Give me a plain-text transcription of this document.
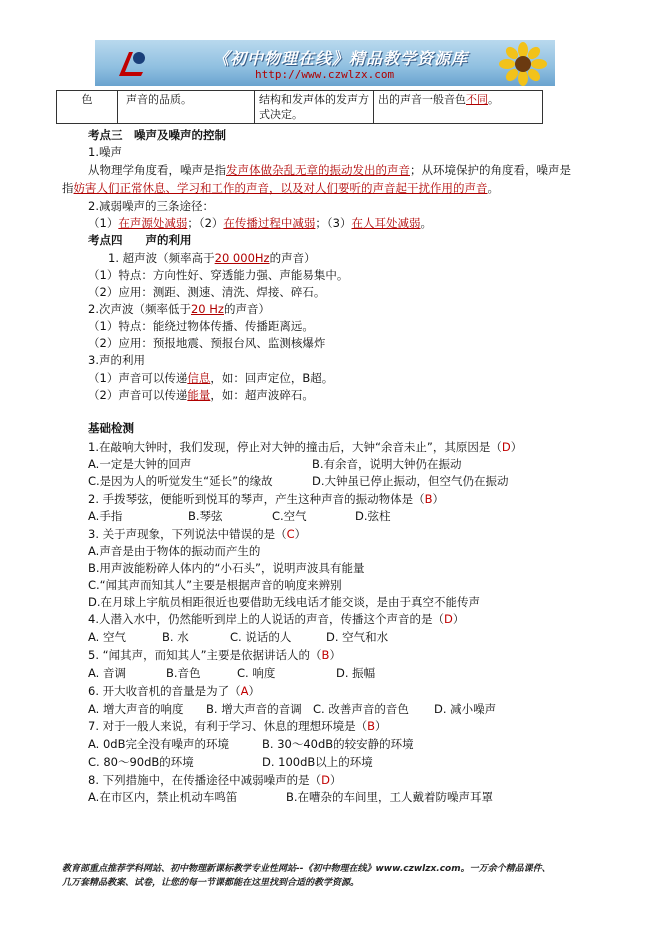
《初中物理在线》精品教学资源库
http://www.czwlzx.com
色	声音的品质。	结构和发声体的发声方式决定。	出的声音一般音色不同。
考点三　噪声及噪声的控制
1.噪声
从物理学角度看，噪声是指发声体做杂乱无章的振动发出的声音；从环境保护的角度看，噪声是
指妨害人们正常休息、学习和工作的声音，以及对人们要听的声音起干扰作用的声音。
2.减弱噪声的三条途径：
（1）在声源处减弱；（2）在传播过程中减弱；（3）在人耳处减弱。
考点四　　声的利用
1. 超声波（频率高于20 000Hz的声音）
（1）特点：方向性好、穿透能力强、声能易集中。
（2）应用：测距、测速、清洗、焊接、碎石。
2.次声波（频率低于20 Hz的声音）
（1）特点：能绕过物体传播、传播距离远。
（2）应用：预报地震、预报台风、监测核爆炸
3.声的利用
（1）声音可以传递信息，如：回声定位，B超。
（2）声音可以传递能量，如：超声波碎石。
基础检测
1.在敲响大钟时，我们发现，停止对大钟的撞击后，大钟“余音未止”，其原因是（D）
A.一定是大钟的回声	B.有余音，说明大钟仍在振动
C.是因为人的听觉发生“延长”的缘故	D.大钟虽已停止振动，但空气仍在振动
2. 手拨琴弦，便能听到悦耳的琴声，产生这种声音的振动物体是（B）
A.手指	B.琴弦	C.空气	D.弦柱
3. 关于声现象，下列说法中错误的是（C）
A.声音是由于物体的振动而产生的
B.用声波能粉碎人体内的“小石头”，说明声波具有能量
C.“闻其声而知其人”主要是根据声音的响度来辨别
D.在月球上宇航员相距很近也要借助无线电话才能交谈，是由于真空不能传声
4.人潜入水中，仍然能听到岸上的人说话的声音，传播这个声音的是（D）
A. 空气	B. 水	C. 说话的人	D. 空气和水
5. “闻其声，而知其人”主要是依据讲话人的（B）
A. 音调	B.音色	C. 响度	D. 振幅
6. 开大收音机的音量是为了（A）
A. 增大声音的响度 B. 增大声音的音调 C. 改善声音的音色 D. 减小噪声
7. 对于一般人来说，有利于学习、休息的理想环境是（B）
A. 0dB完全没有噪声的环境	B. 30～40dB的较安静的环境
C. 80～90dB的环境	D. 100dB以上的环境
8. 下列措施中，在传播途径中减弱噪声的是（D）
A.在市区内，禁止机动车鸣笛	B.在嘈杂的车间里，工人戴着防噪声耳罩
教育部重点推荐学科网站、初中物理新课标教学专业性网站--《初中物理在线》www.czwlzx.com。一万余个精品课件、
几万套精品教案、试卷，让您的每一节课都能在这里找到合适的教学资源。
